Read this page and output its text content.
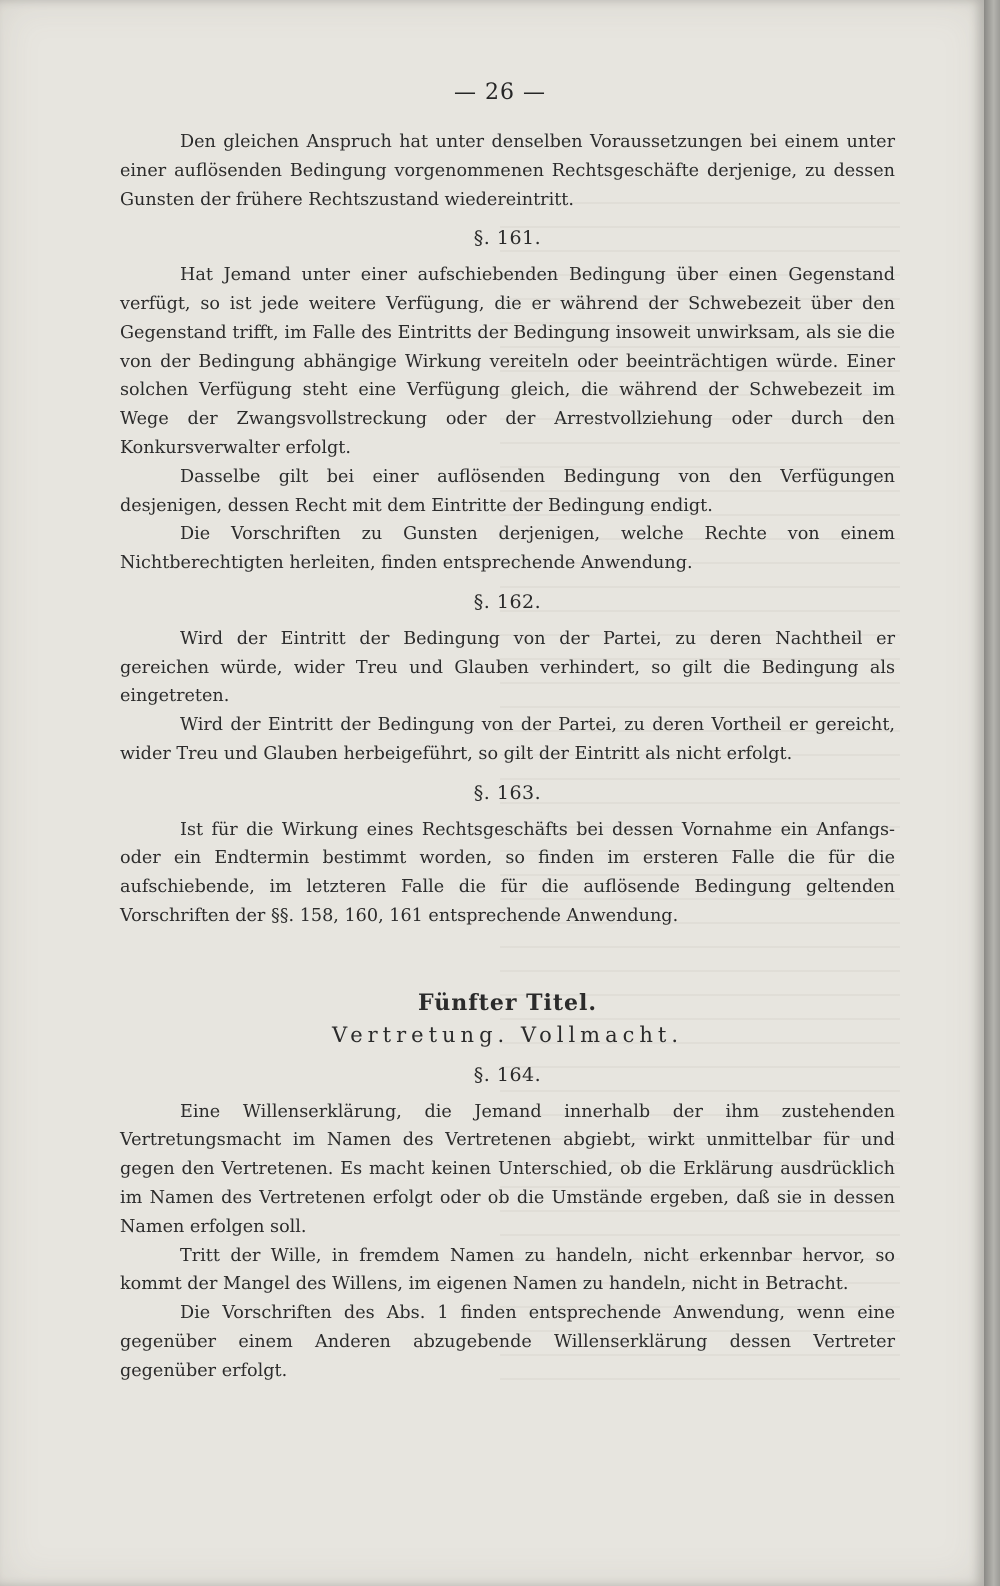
— 26 —

Den gleichen Anspruch hat unter denselben Voraussetzungen bei einem unter einer auflösenden Bedingung vorgenommenen Rechtsgeschäfte derjenige, zu dessen Gunsten der frühere Rechtszustand wiedereintritt.

§. 161.

Hat Jemand unter einer aufschiebenden Bedingung über einen Gegenstand verfügt, so ist jede weitere Verfügung, die er während der Schwebezeit über den Gegenstand trifft, im Falle des Eintritts der Bedingung insoweit unwirksam, als sie die von der Bedingung abhängige Wirkung vereiteln oder beeinträchtigen würde. Einer solchen Verfügung steht eine Verfügung gleich, die während der Schwebezeit im Wege der Zwangsvollstreckung oder der Arrestvollziehung oder durch den Konkursverwalter erfolgt.

Dasselbe gilt bei einer auflösenden Bedingung von den Verfügungen desjenigen, dessen Recht mit dem Eintritte der Bedingung endigt.

Die Vorschriften zu Gunsten derjenigen, welche Rechte von einem Nichtberechtigten herleiten, finden entsprechende Anwendung.

§. 162.

Wird der Eintritt der Bedingung von der Partei, zu deren Nachtheil er gereichen würde, wider Treu und Glauben verhindert, so gilt die Bedingung als eingetreten.

Wird der Eintritt der Bedingung von der Partei, zu deren Vortheil er gereicht, wider Treu und Glauben herbeigeführt, so gilt der Eintritt als nicht erfolgt.

§. 163.

Ist für die Wirkung eines Rechtsgeschäfts bei dessen Vornahme ein Anfangs- oder ein Endtermin bestimmt worden, so finden im ersteren Falle die für die aufschiebende, im letzteren Falle die für die auflösende Bedingung geltenden Vorschriften der §§. 158, 160, 161 entsprechende Anwendung.

Fünfter Titel.
Vertretung. Vollmacht.
§. 164.

Eine Willenserklärung, die Jemand innerhalb der ihm zustehenden Vertretungsmacht im Namen des Vertretenen abgiebt, wirkt unmittelbar für und gegen den Vertretenen. Es macht keinen Unterschied, ob die Erklärung ausdrücklich im Namen des Vertretenen erfolgt oder ob die Umstände ergeben, daß sie in dessen Namen erfolgen soll.

Tritt der Wille, in fremdem Namen zu handeln, nicht erkennbar hervor, so kommt der Mangel des Willens, im eigenen Namen zu handeln, nicht in Betracht.

Die Vorschriften des Abs. 1 finden entsprechende Anwendung, wenn eine gegenüber einem Anderen abzugebende Willenserklärung dessen Vertreter gegenüber erfolgt.
